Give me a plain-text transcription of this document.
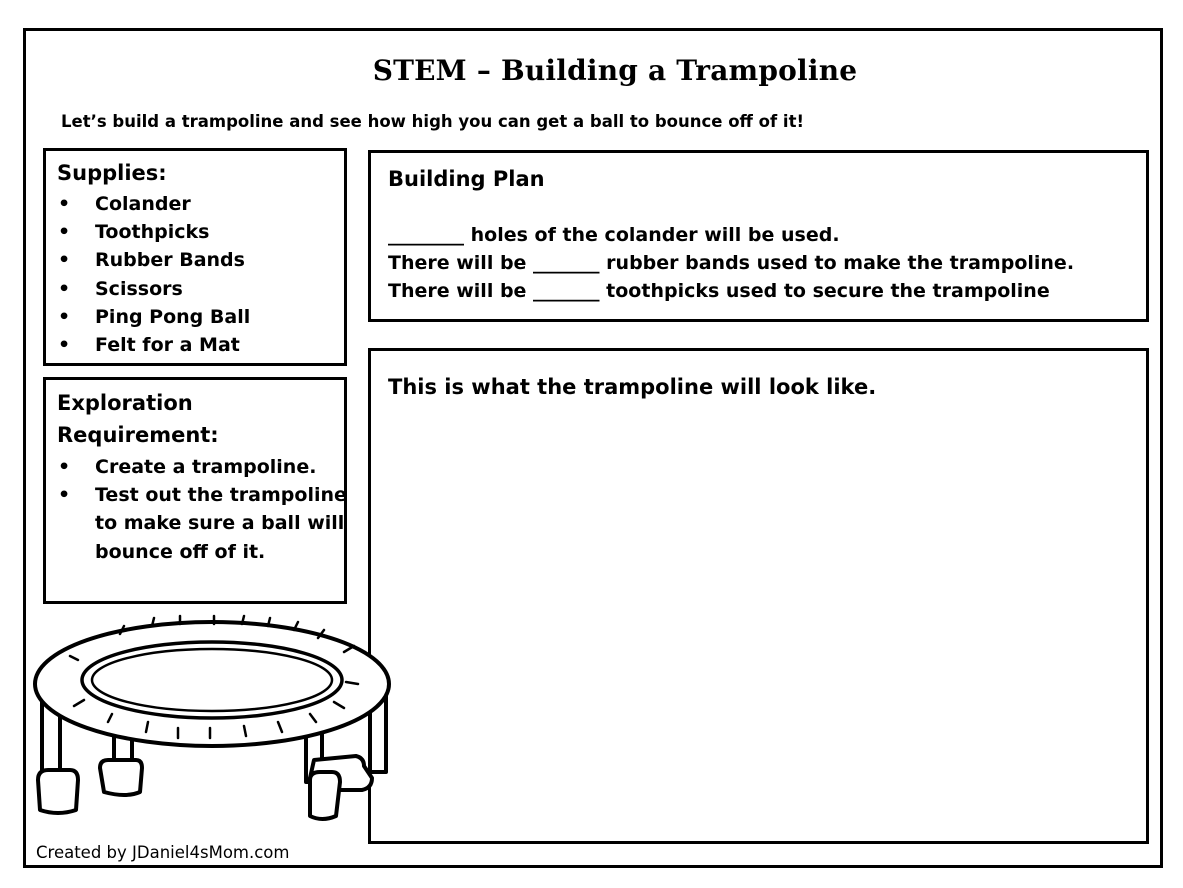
STEM – Building a Trampoline
Let’s build a trampoline and see how high you can get a ball to bounce off of it!
Supplies:
• Colander
• Toothpicks
• Rubber Bands
• Scissors
• Ping Pong Ball
• Felt for a Mat
Exploration
Requirement:
• Create a trampoline.
• Test out the trampoline
to make sure a ball will
bounce off of it.
Building Plan
________ holes of the colander will be used.
There will be _______ rubber bands used to make the trampoline.
There will be _______ toothpicks used to secure the trampoline
This is what the trampoline will look like.
Created by JDaniel4sMom.com
